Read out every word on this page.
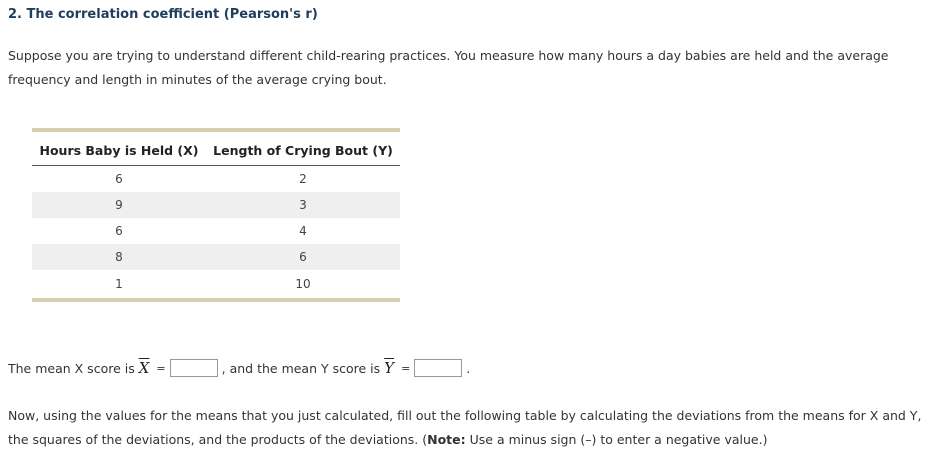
2. The correlation coefficient (Pearson's r)
Suppose you are trying to understand different child-rearing practices. You measure how many hours a day babies are held and the average frequency and length in minutes of the average crying bout.
Hours Baby is Held (X)	Length of Crying Bout (Y)
6	2
9	3
6	4
8	6
1	10
The mean X score is $\overline{X}$ =	, and the mean Y score is $\overline{Y}$ =	.
Now, using the values for the means that you just calculated, fill out the following table by calculating the deviations from the means for X and Y, the squares of the deviations, and the products of the deviations. (Note: Use a minus sign (–) to enter a negative value.)
